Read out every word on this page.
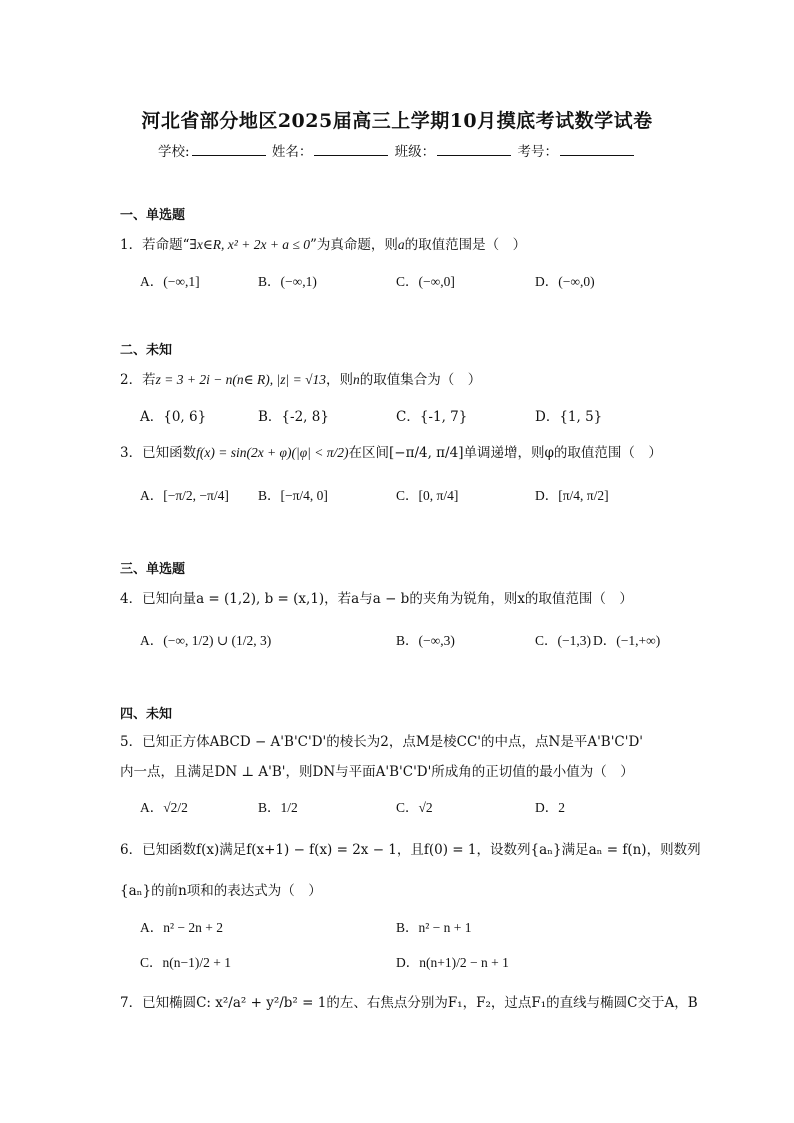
河北省部分地区2025届高三上学期10月摸底考试数学试卷
学校:	姓名：	班级：	考号：
一、单选题
1．若命题“∃x∈R, x² + 2x + a ≤ 0”为真命题，则a的取值范围是（　）
A．(−∞,1]	B．(−∞,1)	C．(−∞,0]	D．(−∞,0)
二、未知
2．若z = 3 + 2i − n(n∈ R), |z| = √13，则n的取值集合为（　）
A．{0, 6}	B．{-2, 8}	C．{-1, 7}	D．{1, 5}
3．已知函数f(x) = sin(2x + φ)(|φ| < π/2)在区间[−π/4, π/4]单调递增，则φ的取值范围（　）
A．[−π/2, −π/4] B．[−π/4, 0]	C．[0, π/4]	D．[π/4, π/2]
三、单选题
4．已知向量a = (1,2), b = (x,1)，若a与a − b的夹角为锐角，则x的取值范围（　）
A．(−∞, 1/2) ∪ (1/2, 3)	B．(−∞,3)	C．(−1,3) D．(−1,+∞)
四、未知
5．已知正方体ABCD − A'B'C'D'的棱长为2，点M是棱CC'的中点，点N是平A'B'C'D'
内一点，且满足DN ⊥ A'B'，则DN与平面A'B'C'D'所成角的正切值的最小值为（　）
A．√2/2	B．1/2	C．√2	D．2
6．已知函数f(x)满足f(x+1) − f(x) = 2x − 1，且f(0) = 1，设数列{aₙ}满足aₙ = f(n)，则数列
{aₙ}的前n项和的表达式为（　）
A．n² − 2n + 2	B．n² − n + 1
C．n(n−1)/2 + 1	D．n(n+1)/2 − n + 1
7．已知椭圆C: x²/a² + y²/b² = 1的左、右焦点分别为F₁，F₂，过点F₁的直线与椭圆C交于A，B
